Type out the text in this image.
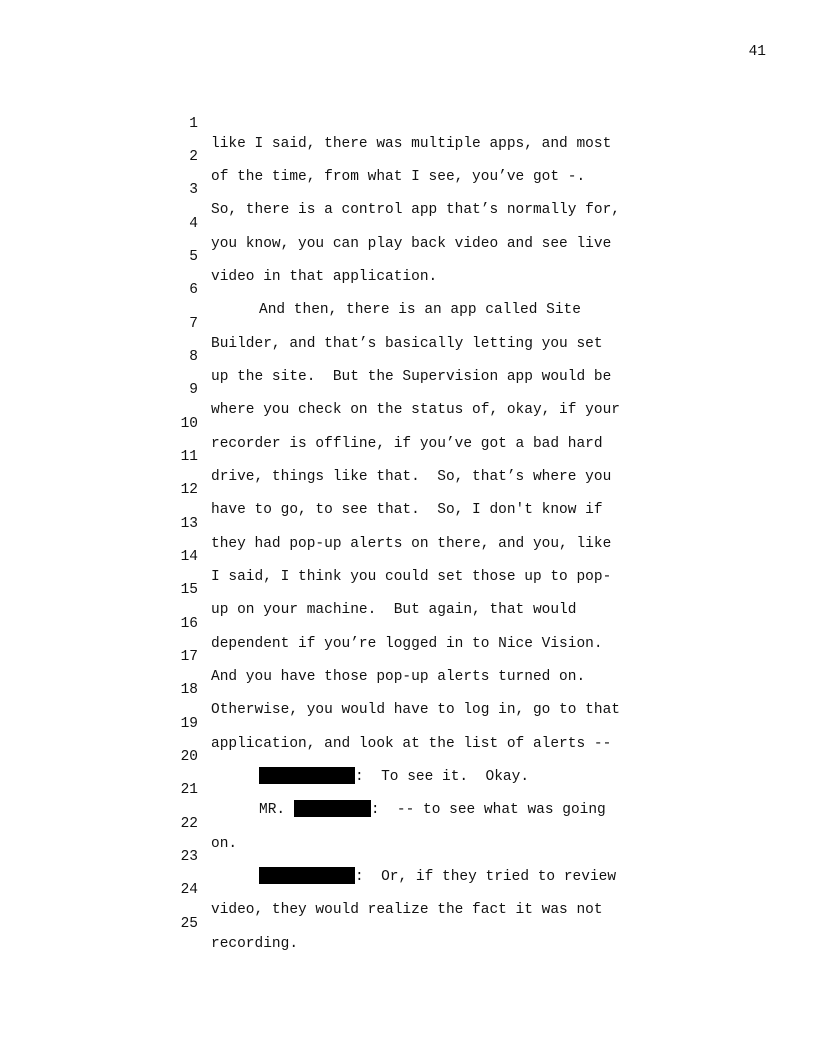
41

1

like I said, there was multiple apps, and most

2

of the time, from what I see, you’ve got -.

3

So, there is a control app that’s normally for,

4

you know, you can play back video and see live

5

video in that application.

6

And then, there is an app called Site

7

Builder, and that’s basically letting you set

8

up the site.  But the Supervision app would be

9

where you check on the status of, okay, if your

10

recorder is offline, if you’ve got a bad hard

11

drive, things like that.  So, that’s where you

12

have to go, to see that.  So, I don't know if

13

they had pop-up alerts on there, and you, like

14

I said, I think you could set those up to pop-

15

up on your machine.  But again, that would

16

dependent if you’re logged in to Nice Vision.

17

And you have those pop-up alerts turned on.

18

Otherwise, you would have to log in, go to that

19

application, and look at the list of alerts --

20

:  To see it.  Okay.

21

MR.	:  -- to see what was going

22

on.

23

:  Or, if they tried to review

24

video, they would realize the fact it was not

25

recording.
